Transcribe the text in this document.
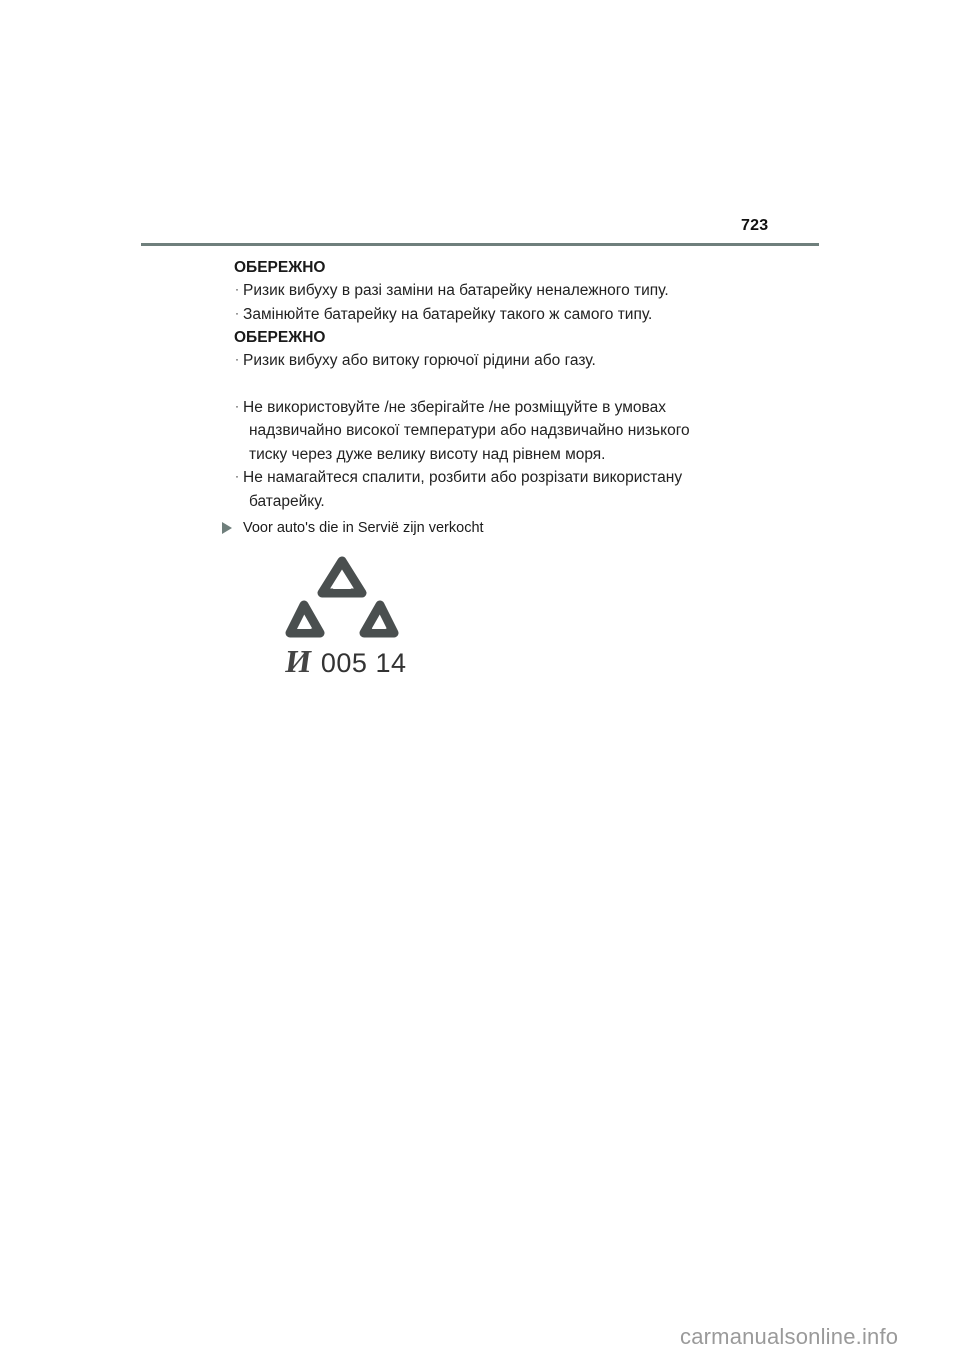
723
ОБЕРЕЖНО
· Ризик вибуху в разі заміни на батарейку неналежного типу.
· Замінюйте батарейку на батарейку такого ж самого типу.
ОБЕРЕЖНО
· Ризик вибуху або витоку горючої рідини або газу.
· Не використовуйте /не зберігайте /не розміщуйте в умовах
надзвичайно високої температури або надзвичайно низького
тиску через дуже велику висоту над рівнем моря.
· Не намагайтеся спалити, розбити або розрізати використану
батарейку.
Voor auto's die in Servië zijn verkocht
И 005 14
carmanualsonline.info
